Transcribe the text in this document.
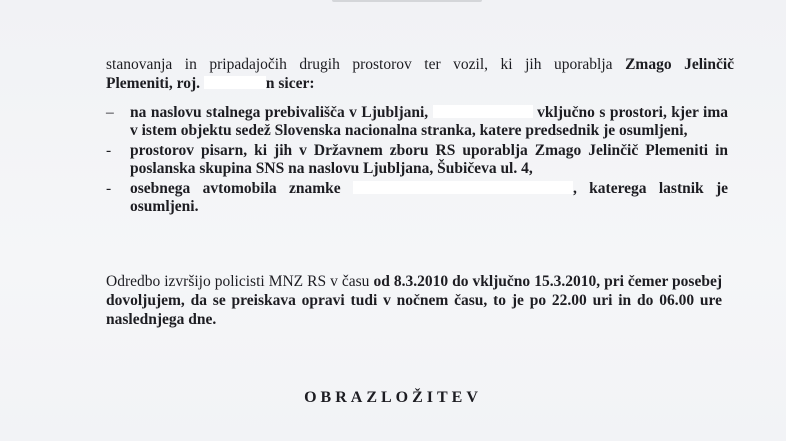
stanovanja in pripadajočih drugih prostorov ter vozil, ki jih uporablja Zmago Jelinčič
Plemeniti, roj.	n sicer:
– na naslovu stalnega prebivališča v Ljubljani,	vključno s prostori, kjer ima v istem objektu sedež Slovenska nacionalna stranka, katere predsednik je osumljeni,
- prostorov pisarn, ki jih v Državnem zboru RS uporablja Zmago Jelinčič Plemeniti in poslanska skupina SNS na naslovu Ljubljana, Šubičeva ul. 4,
- osebnega avtomobila znamke	, katerega lastnik je osumljeni.
Odredbo izvršijo policisti MNZ RS v času od 8.3.2010 do vključno 15.3.2010, pri čemer posebej dovoljujem, da se preiskava opravi tudi v nočnem času, to je po 22.00 uri in do 06.00 ure naslednjega dne.
OBRAZLOŽITEV
